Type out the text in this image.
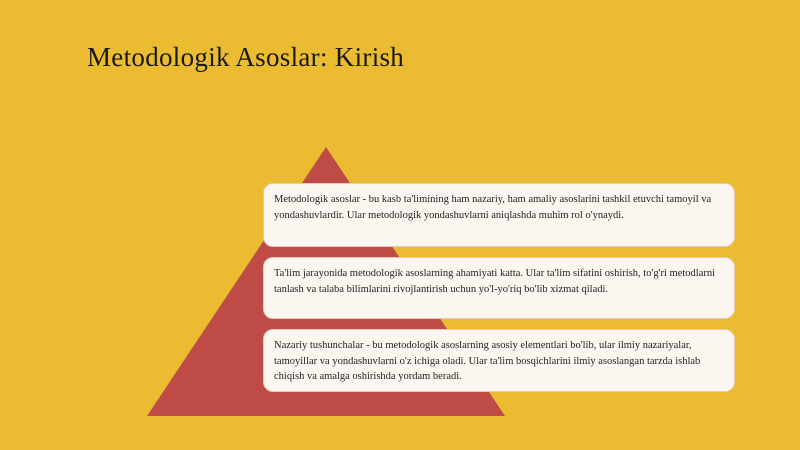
Metodologik Asoslar: Kirish
Metodologik asoslar - bu kasb ta'limining ham nazariy, ham amaliy asoslarini tashkil etuvchi tamoyil va yondashuvlardir. Ular metodologik yondashuvlarni aniqlashda muhim rol o'ynaydi.
Ta'lim jarayonida metodologik asoslarning ahamiyati katta. Ular ta'lim sifatini oshirish, to'g'ri metodlarni tanlash va talaba bilimlarini rivojlantirish uchun yo'l-yo'riq bo'lib xizmat qiladi.
Nazariy tushunchalar - bu metodologik asoslarning asosiy elementlari bo'lib, ular ilmiy nazariyalar, tamoyillar va yondashuvlarni o'z ichiga oladi. Ular ta'lim bosqichlarini ilmiy asoslangan tarzda ishlab chiqish va amalga oshirishda yordam beradi.
